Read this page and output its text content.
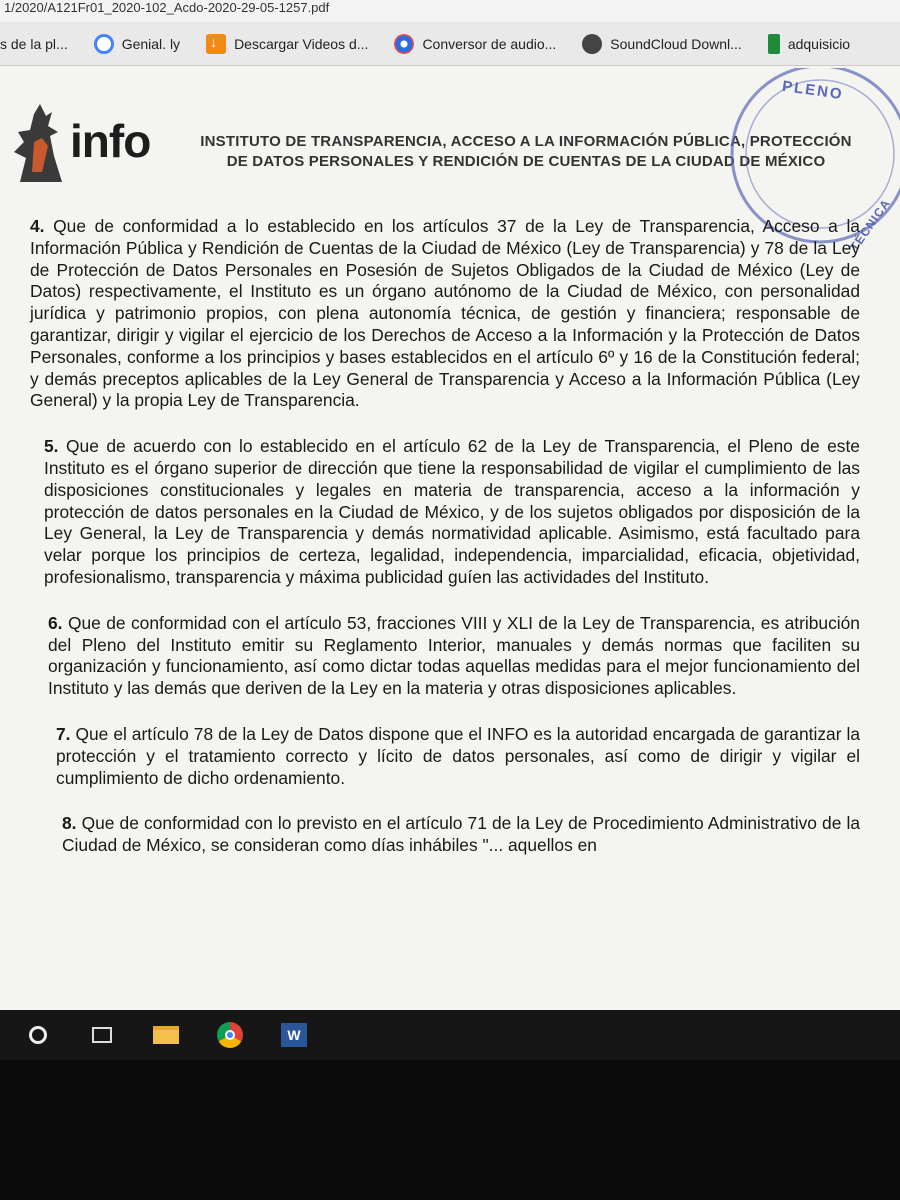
1/2020/A121Fr01_2020-102_Acdo-2020-29-05-1257.pdf
s de la pl...	Genial. ly
↓	Descargar Videos d...	Conversor de audio...	SoundCloud Downl...	adquisicio
info	INSTITUTO DE TRANSPARENCIA, ACCESO A LA INFORMACIÓN PÚBLICA, PROTECCIÓN
DE DATOS PERSONALES Y RENDICIÓN DE CUENTAS DE LA CIUDAD DE MÉXICO
PLENO
TÉCNICA
4. Que de conformidad a lo establecido en los artículos 37 de la Ley de Transparencia, Acceso a la Información Pública y Rendición de Cuentas de la Ciudad de México (Ley de Transparencia) y 78 de la Ley de Protección de Datos Personales en Posesión de Sujetos Obligados de la Ciudad de México (Ley de Datos) respectivamente, el Instituto es un órgano autónomo de la Ciudad de México, con personalidad jurídica y patrimonio propios, con plena autonomía técnica, de gestión y financiera; responsable de garantizar, dirigir y vigilar el ejercicio de los Derechos de Acceso a la Información y la Protección de Datos Personales, conforme a los principios y bases establecidos en el artículo 6º y 16 de la Constitución federal; y demás preceptos aplicables de la Ley General de Transparencia y Acceso a la Información Pública (Ley General) y la propia Ley de Transparencia.
5. Que de acuerdo con lo establecido en el artículo 62 de la Ley de Transparencia, el Pleno de este Instituto es el órgano superior de dirección que tiene la responsabilidad de vigilar el cumplimiento de las disposiciones constitucionales y legales en materia de transparencia, acceso a la información y protección de datos personales en la Ciudad de México, y de los sujetos obligados por disposición de la Ley General, la Ley de Transparencia y demás normatividad aplicable. Asimismo, está facultado para velar porque los principios de certeza, legalidad, independencia, imparcialidad, eficacia, objetividad, profesionalismo, transparencia y máxima publicidad guíen las actividades del Instituto.
6. Que de conformidad con el artículo 53, fracciones VIII y XLI de la Ley de Transparencia, es atribución del Pleno del Instituto emitir su Reglamento Interior, manuales y demás normas que faciliten su organización y funcionamiento, así como dictar todas aquellas medidas para el mejor funcionamiento del Instituto y las demás que deriven de la Ley en la materia y otras disposiciones aplicables.
7. Que el artículo 78 de la Ley de Datos dispone que el INFO es la autoridad encargada de garantizar la protección y el tratamiento correcto y lícito de datos personales, así como de dirigir y vigilar el cumplimiento de dicho ordenamiento.
8. Que de conformidad con lo previsto en el artículo 71 de la Ley de Procedimiento Administrativo de la Ciudad de México, se consideran como días inhábiles "... aquellos en
W
